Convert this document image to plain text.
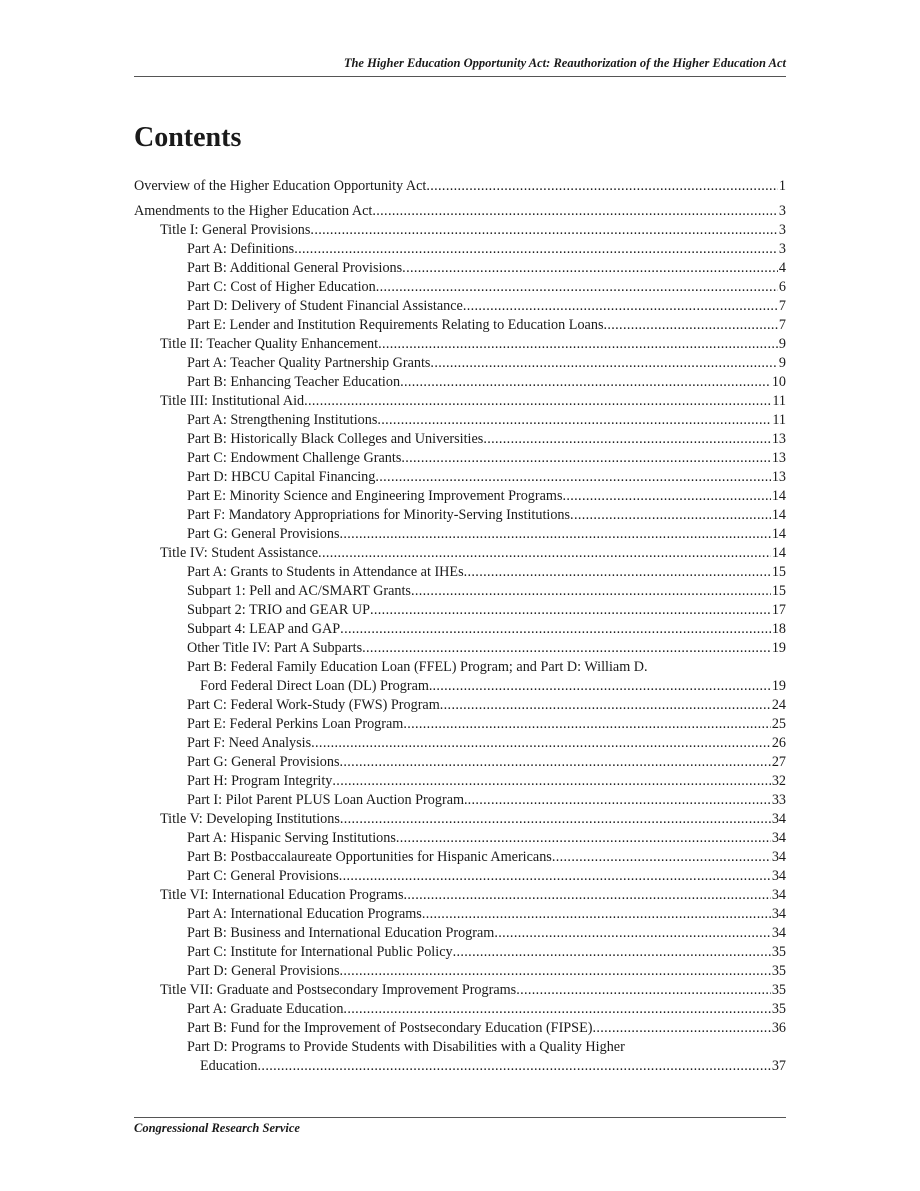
The Higher Education Opportunity Act: Reauthorization of the Higher Education Act
Contents
Overview of the Higher Education Opportunity Act . . .	1
Amendments to the Higher Education Act . . .	3
Title I: General Provisions . . .	3
Part A: Definitions . . .	3
Part B: Additional General Provisions . . .	4
Part C: Cost of Higher Education . . .	6
Part D: Delivery of Student Financial Assistance . . .	7
Part E: Lender and Institution Requirements Relating to Education Loans . . .	7
Title II: Teacher Quality Enhancement . . .	9
Part A: Teacher Quality Partnership Grants . . .	9
Part B: Enhancing Teacher Education . . .	10
Title III: Institutional Aid . . .	11
Part A: Strengthening Institutions . . .	11
Part B: Historically Black Colleges and Universities . . .	13
Part C: Endowment Challenge Grants . . .	13
Part D: HBCU Capital Financing . . .	13
Part E: Minority Science and Engineering Improvement Programs . . .	14
Part F: Mandatory Appropriations for Minority-Serving Institutions . . .	14
Part G: General Provisions . . .	14
Title IV: Student Assistance . . .	14
Part A: Grants to Students in Attendance at IHEs . . .	15
Subpart 1: Pell and AC/SMART Grants . . .	15
Subpart 2: TRIO and GEAR UP . . .	17
Subpart 4: LEAP and GAP . . .	18
Other Title IV: Part A Subparts . . .	19
Part B: Federal Family Education Loan (FFEL) Program; and Part D: William D.
Ford Federal Direct Loan (DL) Program. . . .	19
Part C: Federal Work-Study (FWS) Program . . .	24
Part E: Federal Perkins Loan Program . . .	25
Part F: Need Analysis . . .	26
Part G: General Provisions . . .	27
Part H: Program Integrity . . .	32
Part I: Pilot Parent PLUS Loan Auction Program. . . .	33
Title V: Developing Institutions . . .	34
Part A: Hispanic Serving Institutions . . .	34
Part B: Postbaccalaureate Opportunities for Hispanic Americans . . .	34
Part C: General Provisions . . .	34
Title VI: International Education Programs . . .	34
Part A: International Education Programs . . .	34
Part B: Business and International Education Program . . .	34
Part C: Institute for International Public Policy . . .	35
Part D: General Provisions . . .	35
Title VII: Graduate and Postsecondary Improvement Programs . . .	35
Part A: Graduate Education . . .	35
Part B: Fund for the Improvement of Postsecondary Education (FIPSE) . . .	36
Part D: Programs to Provide Students with Disabilities with a Quality Higher
Education . . .	37
Congressional Research Service
